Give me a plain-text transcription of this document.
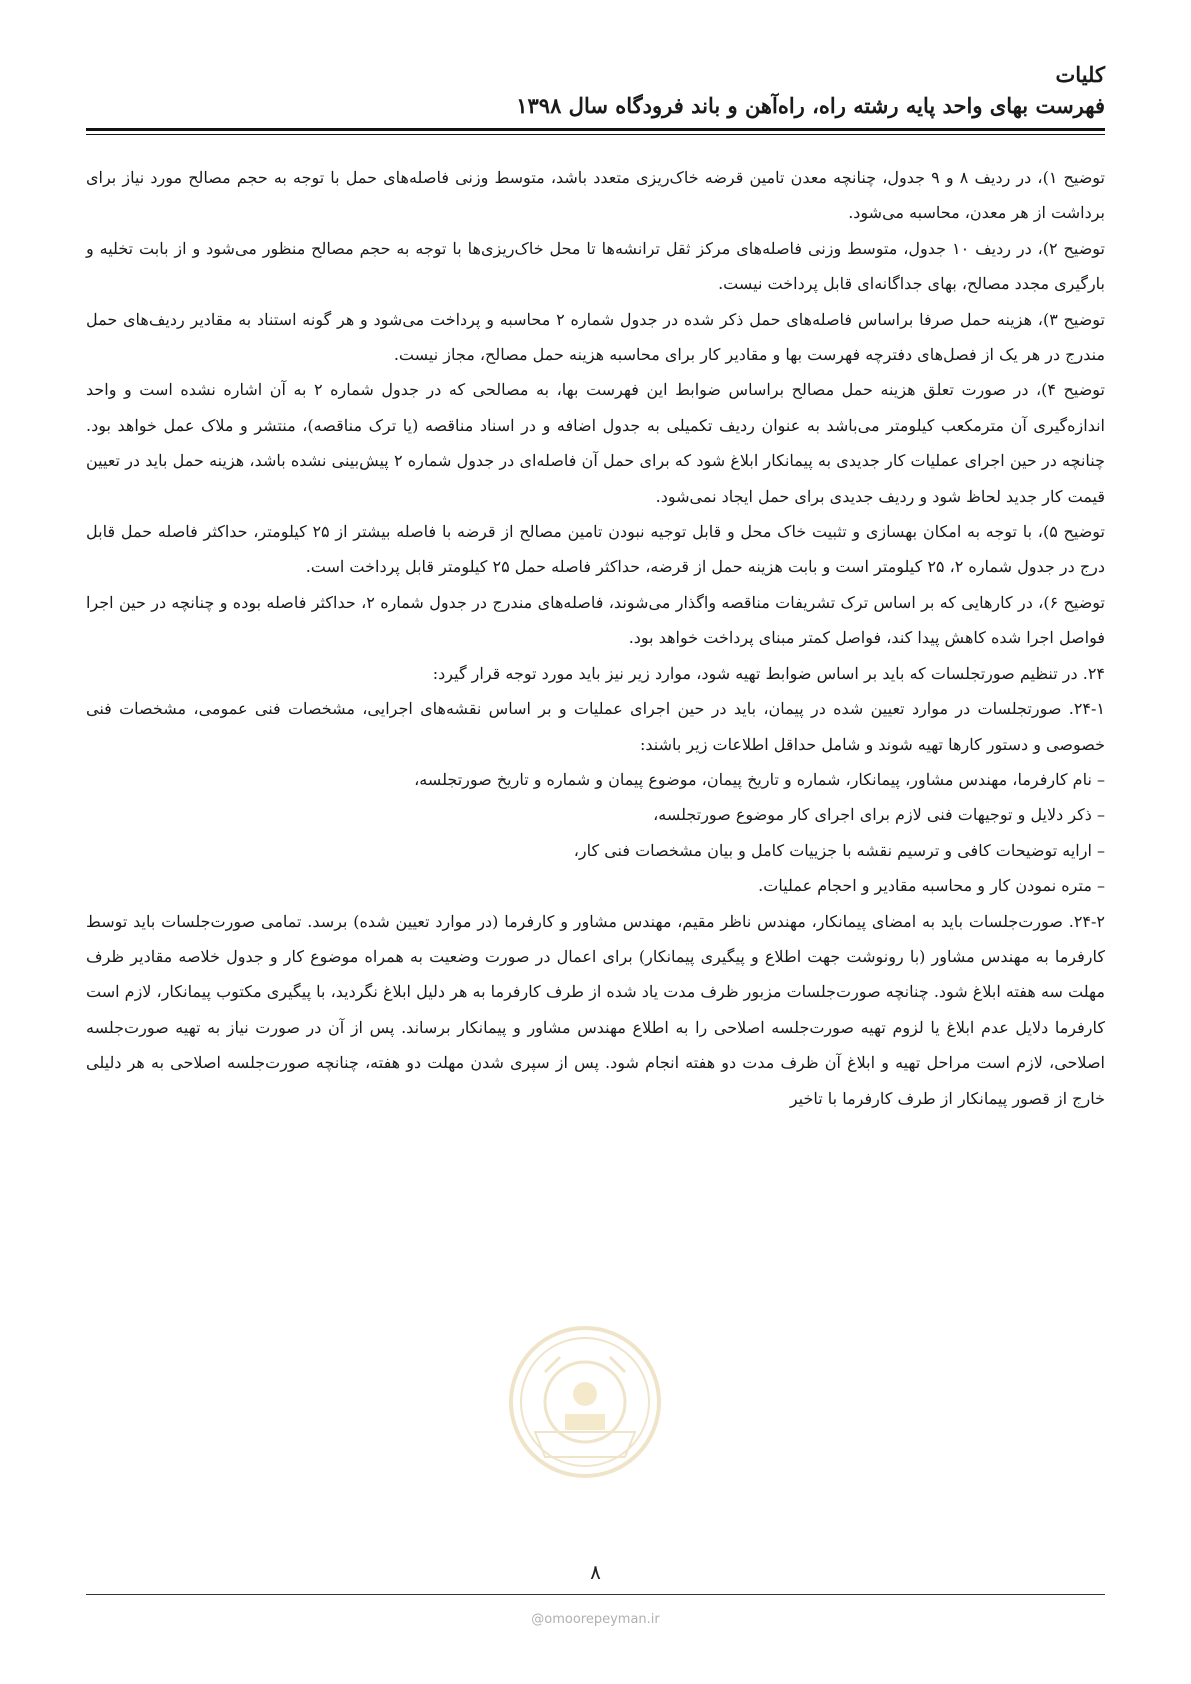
کلیات
فهرست بهای واحد پایه رشته راه، راه‌آهن و باند فرودگاه سال ۱۳۹۸

توضیح ۱)، در ردیف ۸ و ۹ جدول، چنانچه معدن تامین قرضه خاک‌ریزی متعدد باشد، متوسط وزنی فاصله‌های حمل با توجه به حجم مصالح مورد نیاز برای برداشت از هر معدن، محاسبه می‌شود.

توضیح ۲)، در ردیف ۱۰ جدول، متوسط وزنی فاصله‌های مرکز ثقل ترانشه‌ها تا محل خاک‌ریزی‌ها با توجه به حجم مصالح منظور می‌شود و از بابت تخلیه و بارگیری مجدد مصالح، بهای جداگانه‌ای قابل پرداخت نیست.

توضیح ۳)، هزینه حمل صرفا براساس فاصله‌های حمل ذکر شده در جدول شماره ۲ محاسبه و پرداخت می‌شود و هر گونه استناد به مقادیر ردیف‌های حمل مندرج در هر یک از فصل‌های دفترچه فهرست بها و مقادیر کار برای محاسبه هزینه حمل مصالح، مجاز نیست.

توضیح ۴)، در صورت تعلق هزینه حمل مصالح براساس ضوابط این فهرست بها، به مصالحی که در جدول شماره ۲ به آن اشاره نشده است و واحد اندازه‌گیری آن مترمکعب کیلومتر می‌باشد به عنوان ردیف تکمیلی به جدول اضافه و در اسناد مناقصه (یا ترک مناقصه)، منتشر و ملاک عمل خواهد بود. چنانچه در حین اجرای عملیات کار جدیدی به پیمانکار ابلاغ شود که برای حمل آن فاصله‌ای در جدول شماره ۲ پیش‌بینی نشده باشد، هزینه حمل باید در تعیین قیمت کار جدید لحاظ شود و ردیف جدیدی برای حمل ایجاد نمی‌شود.

توضیح ۵)، با توجه به امکان بهسازی و تثبیت خاک محل و قابل توجیه نبودن تامین مصالح از قرضه با فاصله بیشتر از ۲۵ کیلومتر، حداکثر فاصله حمل قابل درج در جدول شماره ۲، ۲۵ کیلومتر است و بابت هزینه حمل از قرضه، حداکثر فاصله حمل ۲۵ کیلومتر قابل پرداخت است.

توضیح ۶)، در کارهایی که بر اساس ترک تشریفات مناقصه واگذار می‌شوند، فاصله‌های مندرج در جدول شماره ۲، حداکثر فاصله بوده و چنانچه در حین اجرا فواصل اجرا شده کاهش پیدا کند، فواصل کمتر مبنای پرداخت خواهد بود.

۲۴. در تنظیم صورتجلسات که باید بر اساس ضوابط تهیه شود، موارد زیر نیز باید مورد توجه قرار گیرد:

۲۴-۱. صورتجلسات در موارد تعیین شده در پیمان، باید در حین اجرای عملیات و بر اساس نقشه‌های اجرایی، مشخصات فنی عمومی، مشخصات فنی خصوصی و دستور کارها تهیه شوند و شامل حداقل اطلاعات زیر باشند:

– نام کارفرما، مهندس مشاور، پیمانکار، شماره و تاریخ پیمان، موضوع پیمان و شماره و تاریخ صورتجلسه،

– ذکر دلایل و توجیهات فنی لازم برای اجرای کار موضوع صورتجلسه،

– ارایه توضیحات کافی و ترسیم نقشه با جزییات کامل و بیان مشخصات فنی کار،

– متره نمودن کار و محاسبه مقادیر و احجام عملیات.

۲۴-۲. صورت‌جلسات باید به امضای پیمانکار، مهندس ناظر مقیم، مهندس مشاور و کارفرما (در موارد تعیین شده) برسد. تمامی صورت‌جلسات باید توسط کارفرما به مهندس مشاور (با رونوشت جهت اطلاع و پیگیری پیمانکار) برای اعمال در صورت وضعیت به همراه موضوع کار و جدول خلاصه مقادیر ظرف مهلت سه هفته ابلاغ شود. چنانچه صورت‌جلسات مزبور ظرف مدت یاد شده از طرف کارفرما به هر دلیل ابلاغ نگردید، با پیگیری مکتوب پیمانکار، لازم است کارفرما دلایل عدم ابلاغ یا لزوم تهیه صورت‌جلسه اصلاحی را به اطلاع مهندس مشاور و پیمانکار برساند. پس از آن در صورت نیاز به تهیه صورت‌جلسه اصلاحی، لازم است مراحل تهیه و ابلاغ آن ظرف مدت دو هفته انجام شود. پس از سپری شدن مهلت دو هفته، چنانچه صورت‌جلسه اصلاحی به هر دلیلی خارج از قصور پیمانکار از طرف کارفرما با تاخیر

۸
@omoorepeyman.ir
